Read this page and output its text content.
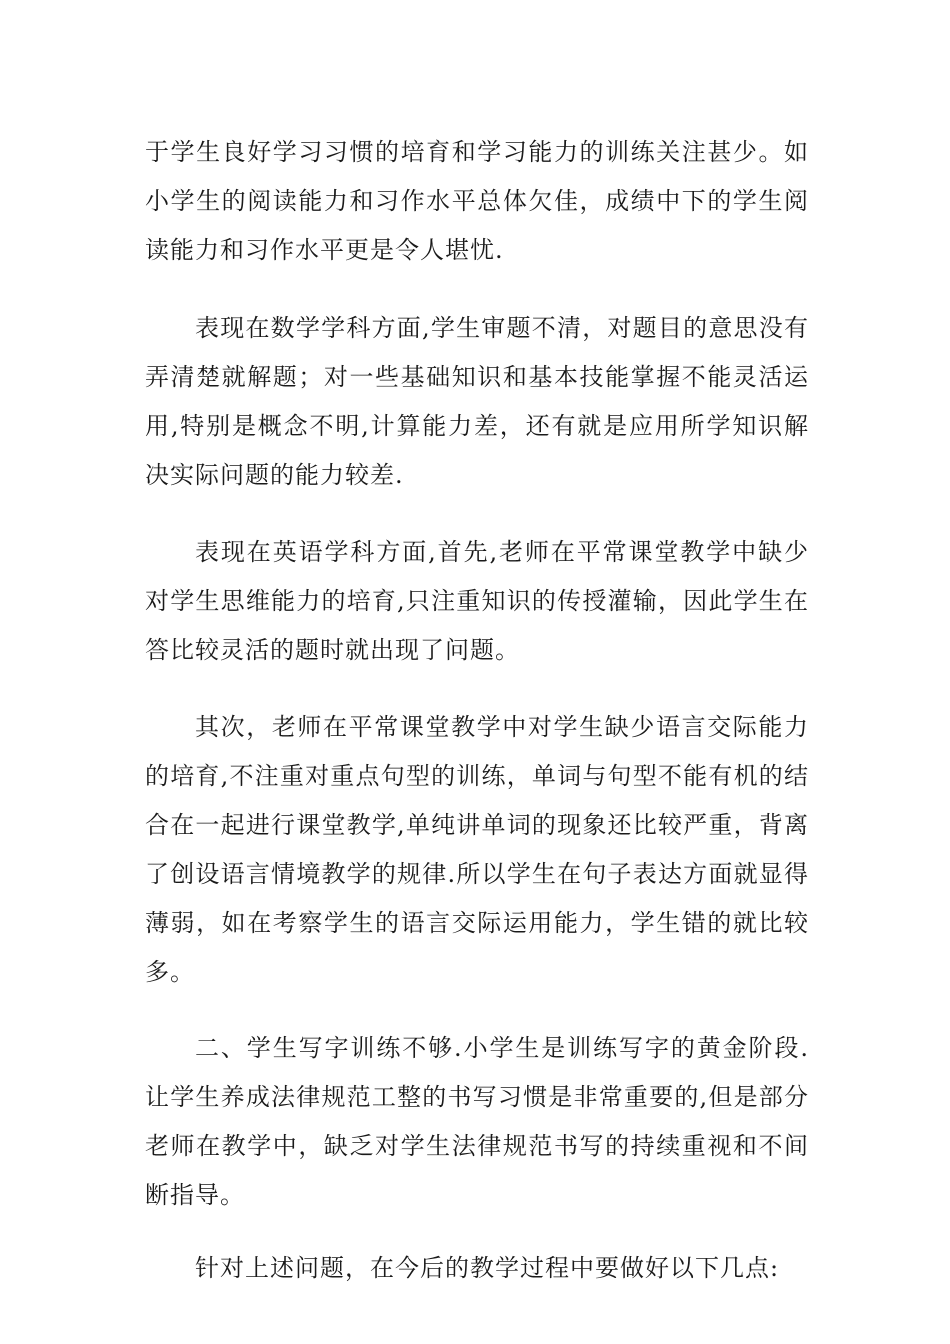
于学生良好学习习惯的培育和学习能力的训练关注甚少。如小学生的阅读能力和习作水平总体欠佳，成绩中下的学生阅读能力和习作水平更是令人堪忧.

表现在数学学科方面,学生审题不清，对题目的意思没有弄清楚就解题；对一些基础知识和基本技能掌握不能灵活运用,特别是概念不明,计算能力差，还有就是应用所学知识解决实际问题的能力较差.

表现在英语学科方面,首先,老师在平常课堂教学中缺少对学生思维能力的培育,只注重知识的传授灌输，因此学生在答比较灵活的题时就出现了问题。

其次，老师在平常课堂教学中对学生缺少语言交际能力的培育,不注重对重点句型的训练，单词与句型不能有机的结合在一起进行课堂教学,单纯讲单词的现象还比较严重，背离了创设语言情境教学的规律.所以学生在句子表达方面就显得薄弱，如在考察学生的语言交际运用能力，学生错的就比较多。

二、学生写字训练不够.小学生是训练写字的黄金阶段.让学生养成法律规范工整的书写习惯是非常重要的,但是部分老师在教学中，缺乏对学生法律规范书写的持续重视和不间断指导。

针对上述问题，在今后的教学过程中要做好以下几点:
